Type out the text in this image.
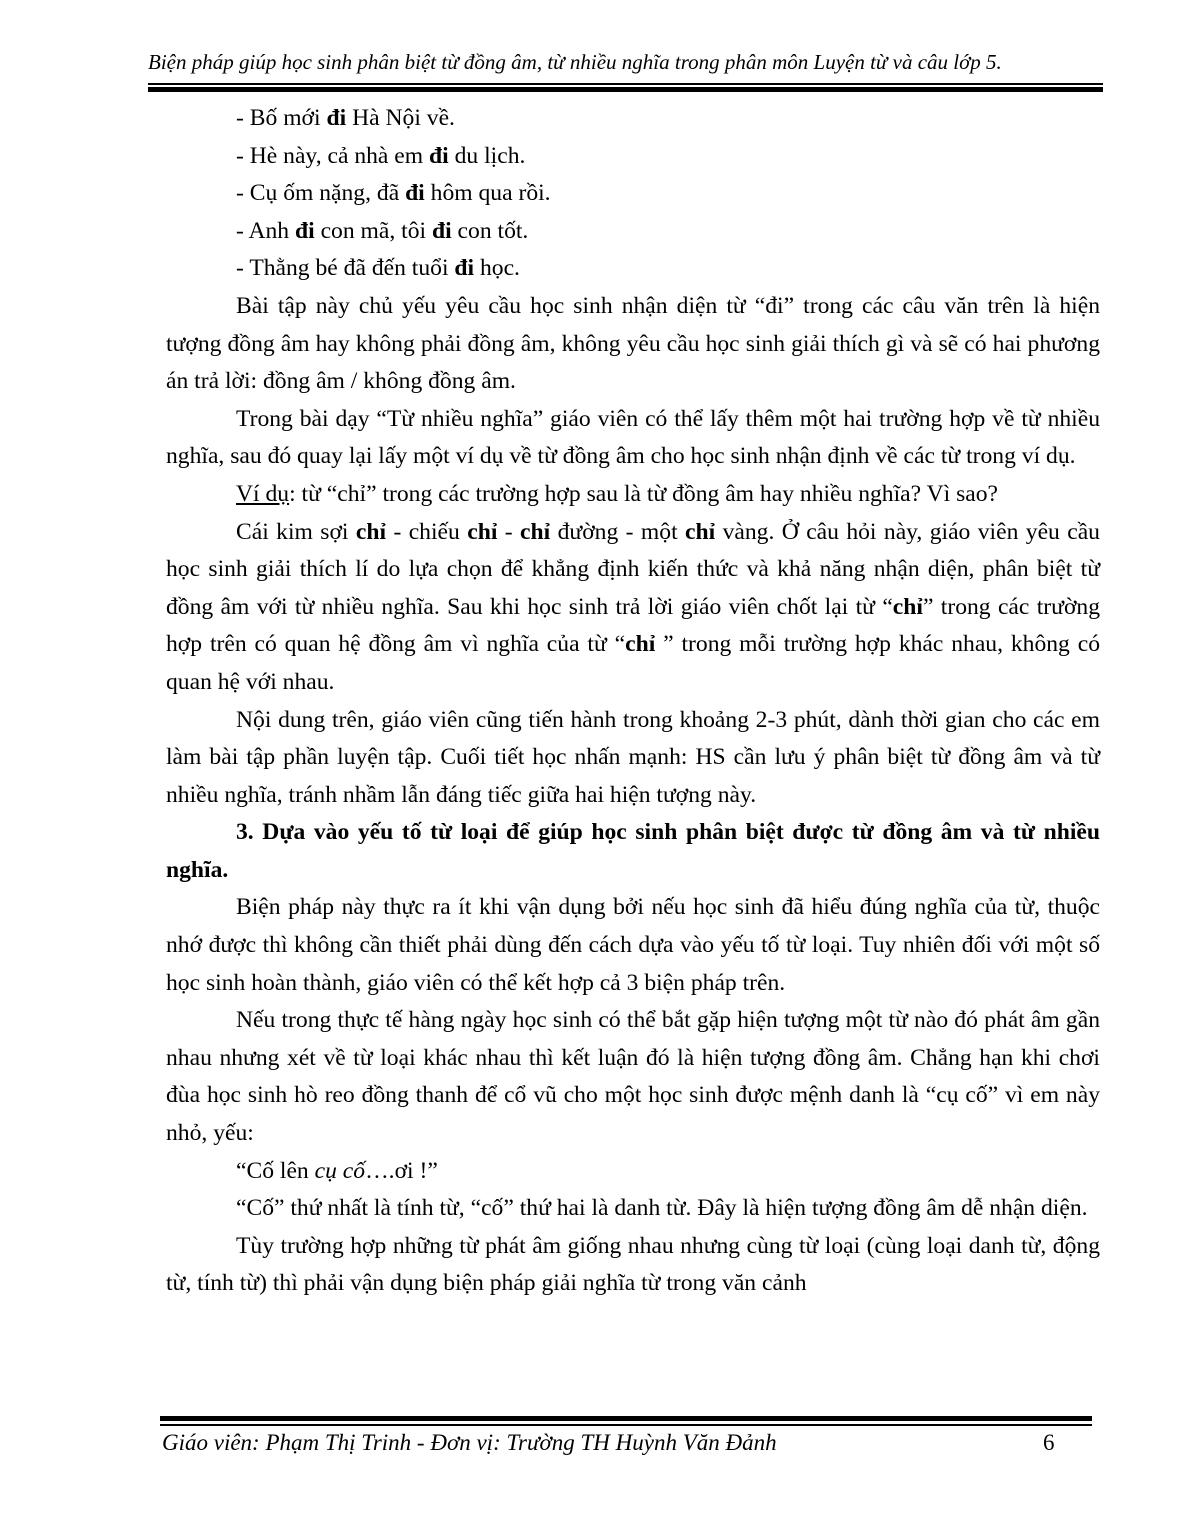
Biện pháp giúp học sinh phân biệt từ đồng âm, từ nhiều nghĩa trong phân môn Luyện từ và câu lớp 5.

- Bố mới đi Hà Nội về.

- Hè này, cả nhà em đi du lịch.

- Cụ ốm nặng, đã đi hôm qua rồi.

- Anh đi con mã, tôi đi con tốt.

- Thằng bé đã đến tuổi đi học.

Bài tập này chủ yếu yêu cầu học sinh nhận diện từ “đi” trong các câu văn trên là hiện tượng đồng âm hay không phải đồng âm, không yêu cầu học sinh giải thích gì và sẽ có hai phương án trả lời: đồng âm / không đồng âm.

Trong bài dạy “Từ nhiều nghĩa” giáo viên có thể lấy thêm một hai trường hợp về từ nhiều nghĩa, sau đó quay lại lấy một ví dụ về từ đồng âm cho học sinh nhận định về các từ trong ví dụ.

Ví dụ: từ “chỉ” trong các trường hợp sau là từ đồng âm hay nhiều nghĩa? Vì sao?

Cái kim sợi chỉ - chiếu chỉ - chỉ đường - một chỉ vàng. Ở câu hỏi này, giáo viên yêu cầu học sinh giải thích lí do lựa chọn để khẳng định kiến thức và khả năng nhận diện, phân biệt từ đồng âm với từ nhiều nghĩa. Sau khi học sinh trả lời giáo viên chốt lại từ “chỉ” trong các trường hợp trên có quan hệ đồng âm vì nghĩa của từ “chỉ ” trong mỗi trường hợp khác nhau, không có quan hệ với nhau.

Nội dung trên, giáo viên cũng tiến hành trong khoảng 2-3 phút, dành thời gian cho các em làm bài tập phần luyện tập. Cuối tiết học nhấn mạnh: HS cần lưu ý phân biệt từ đồng âm và từ nhiều nghĩa, tránh nhầm lẫn đáng tiếc giữa hai hiện tượng này.

3. Dựa vào yếu tố từ loại để giúp học sinh phân biệt được từ đồng âm và từ nhiều nghĩa.

Biện pháp này thực ra ít khi vận dụng bởi nếu học sinh đã hiểu đúng nghĩa của từ, thuộc nhớ được thì không cần thiết phải dùng đến cách dựa vào yếu tố từ loại. Tuy nhiên đối với một số học sinh hoàn thành, giáo viên có thể kết hợp cả 3 biện pháp trên.

Nếu trong thực tế hàng ngày học sinh có thể bắt gặp hiện tượng một từ nào đó phát âm gần nhau nhưng xét về từ loại khác nhau thì kết luận đó là hiện tượng đồng âm. Chẳng hạn khi chơi đùa học sinh hò reo đồng thanh để cổ vũ cho một học sinh được mệnh danh là “cụ cố” vì em này nhỏ, yếu:

“Cố lên cụ cố….ơi !”

“Cố” thứ nhất là tính từ, “cố” thứ hai là danh từ. Đây là hiện tượng đồng âm dễ nhận diện.

Tùy trường hợp những từ phát âm giống nhau nhưng cùng từ loại (cùng loại danh từ, động từ, tính từ) thì phải vận dụng biện pháp giải nghĩa từ trong văn cảnh

Giáo viên: Phạm Thị Trinh - Đơn vị: Trường TH Huỳnh Văn Đảnh	6
